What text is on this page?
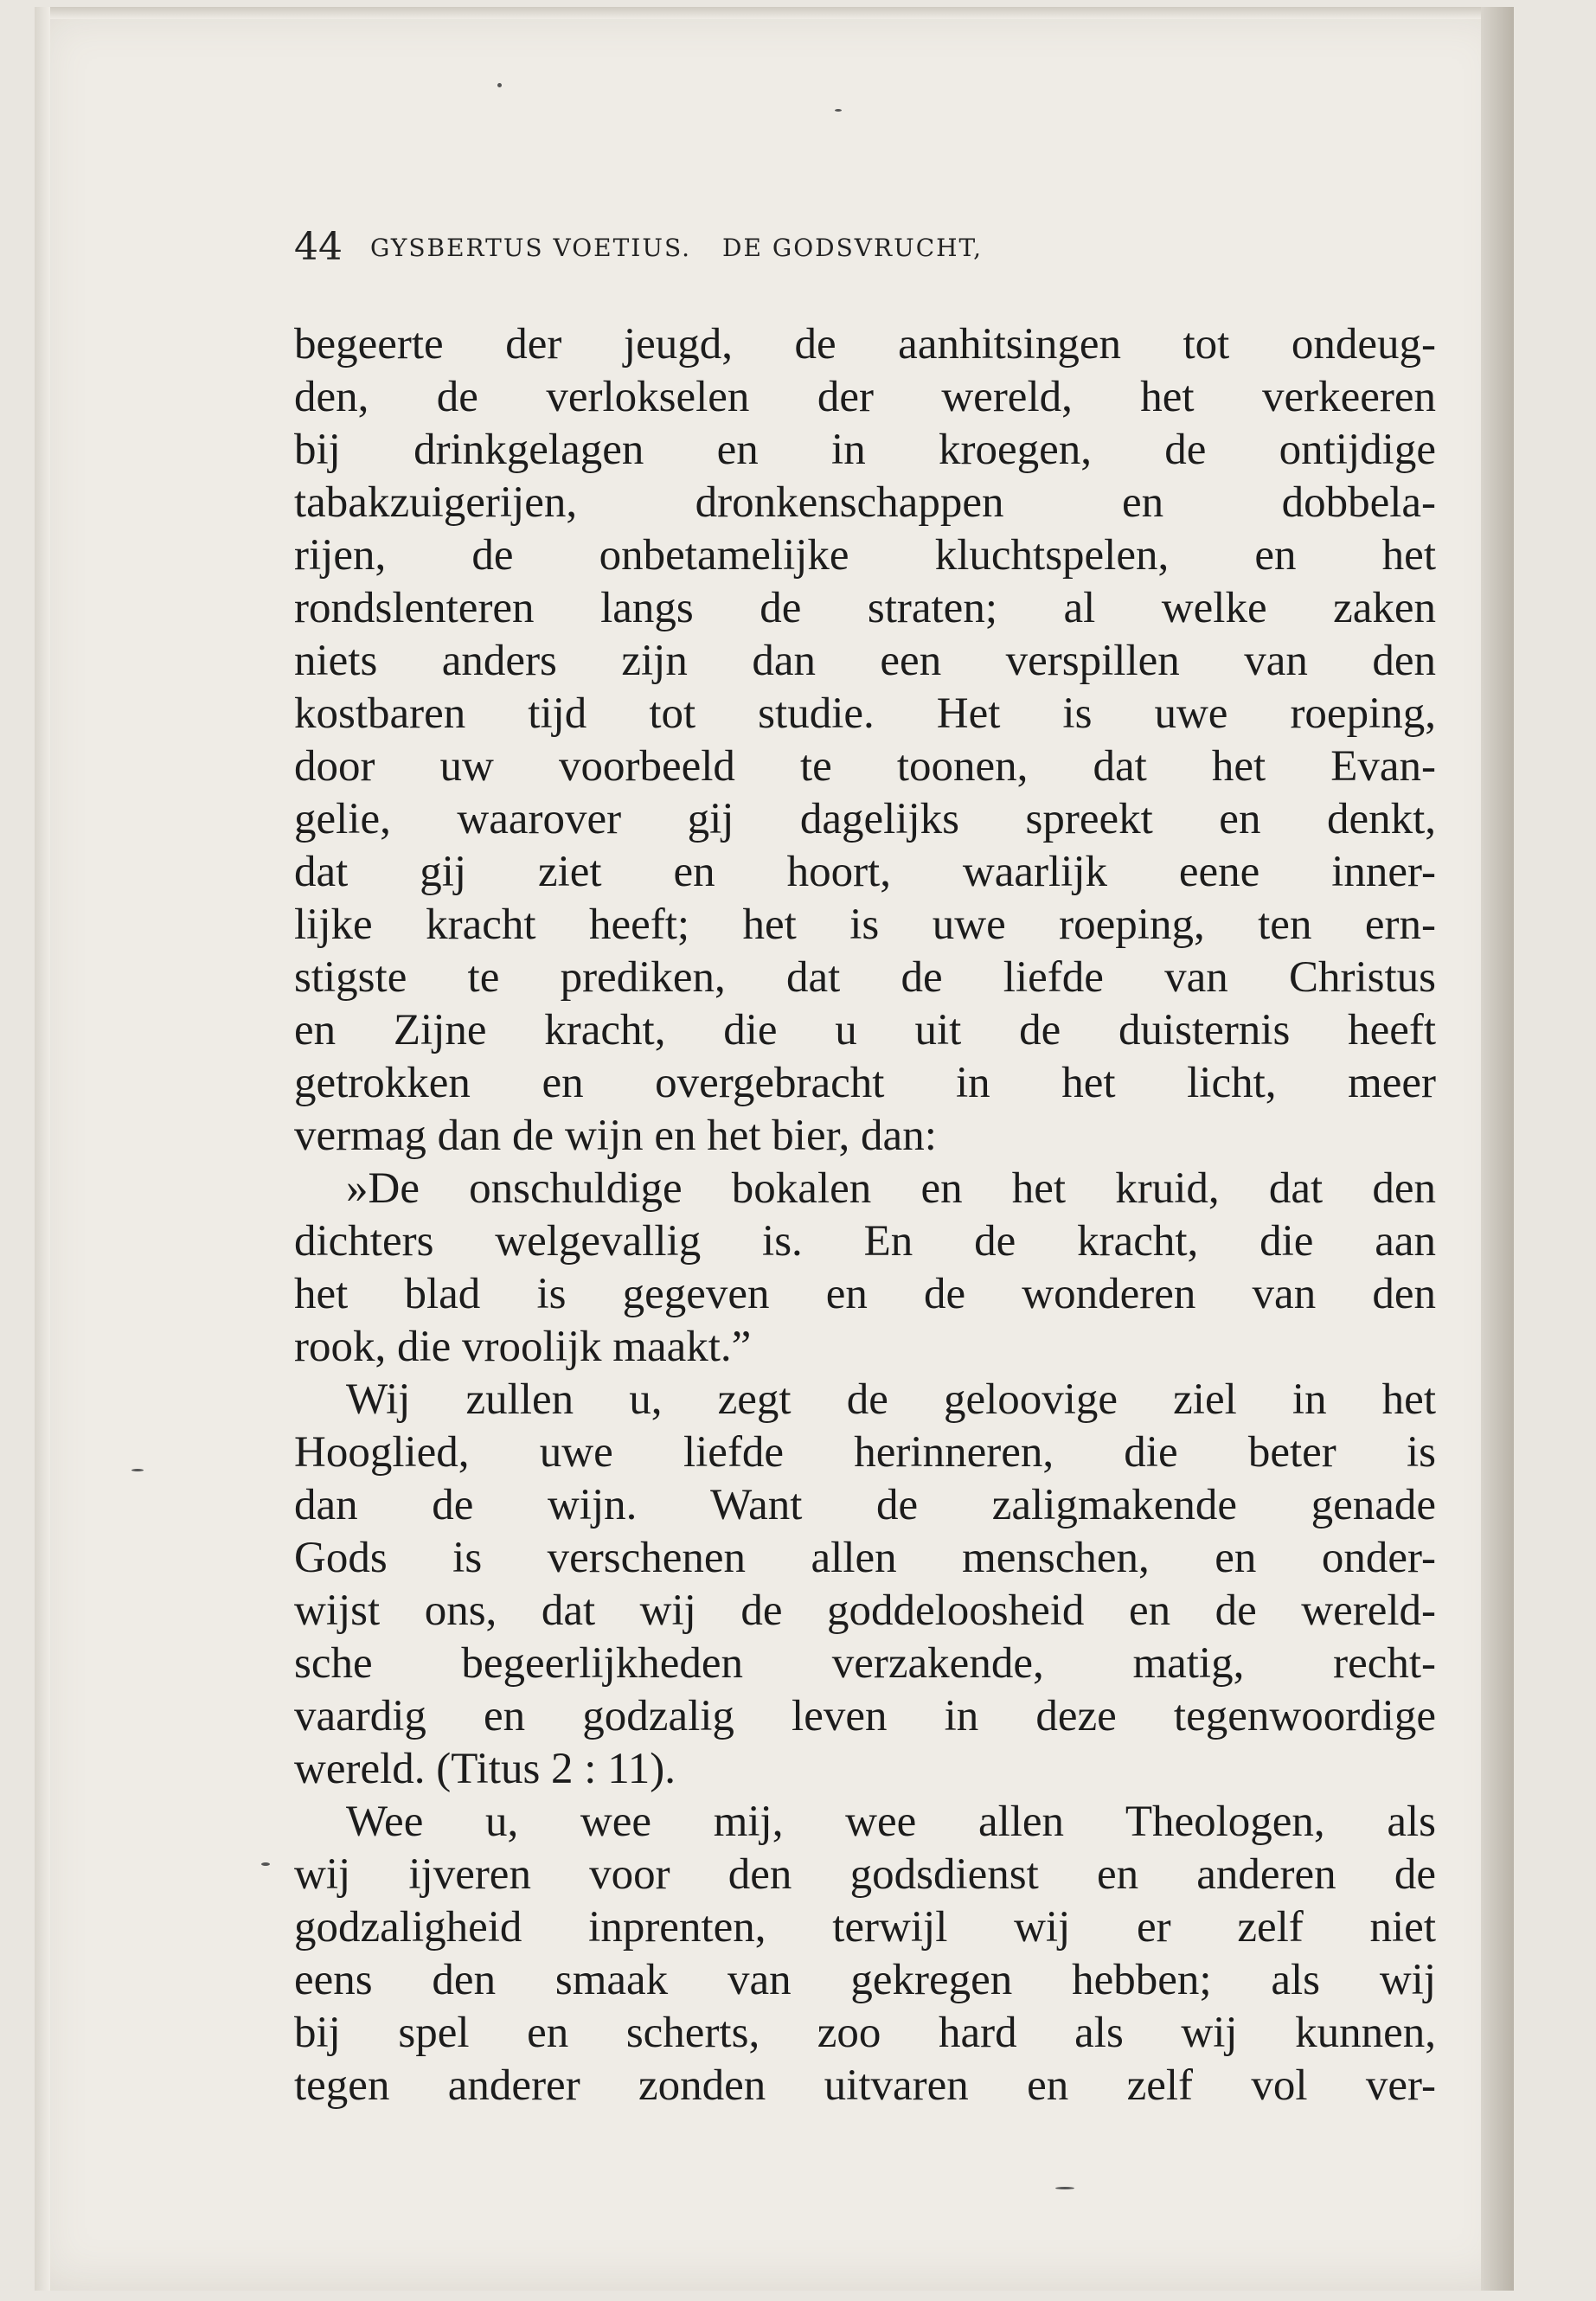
44 GYSBERTUS VOETIUS. DE GODSVRUCHT,
begeerte der jeugd, de aanhitsingen tot ondeug-
den, de verlokselen der wereld, het verkeeren
bij drinkgelagen en in kroegen, de ontijdige
tabakzuigerijen, dronkenschappen en dobbela-
rijen, de onbetamelijke kluchtspelen, en het
rondslenteren langs de straten; al welke zaken
niets anders zijn dan een verspillen van den
kostbaren tijd tot studie. Het is uwe roeping,
door uw voorbeeld te toonen, dat het Evan-
gelie, waarover gij dagelijks spreekt en denkt,
dat gij ziet en hoort, waarlijk eene inner-
lijke kracht heeft; het is uwe roeping, ten ern-
stigste te prediken, dat de liefde van Christus
en Zijne kracht, die u uit de duisternis heeft
getrokken en overgebracht in het licht, meer
vermag dan de wijn en het bier, dan:
»De onschuldige bokalen en het kruid, dat den
dichters welgevallig is. En de kracht, die aan
het blad is gegeven en de wonderen van den
rook, die vroolijk maakt.”
Wij zullen u, zegt de geloovige ziel in het
Hooglied, uwe liefde herinneren, die beter is
dan de wijn. Want de zaligmakende genade
Gods is verschenen allen menschen, en onder-
wijst ons, dat wij de goddeloosheid en de wereld-
sche begeerlijkheden verzakende, matig, recht-
vaardig en godzalig leven in deze tegenwoordige
wereld. (Titus 2 : 11).
Wee u, wee mij, wee allen Theologen, als
wij ijveren voor den godsdienst en anderen de
godzaligheid inprenten, terwijl wij er zelf niet
eens den smaak van gekregen hebben; als wij
bij spel en scherts, zoo hard als wij kunnen,
tegen anderer zonden uitvaren en zelf vol ver-
